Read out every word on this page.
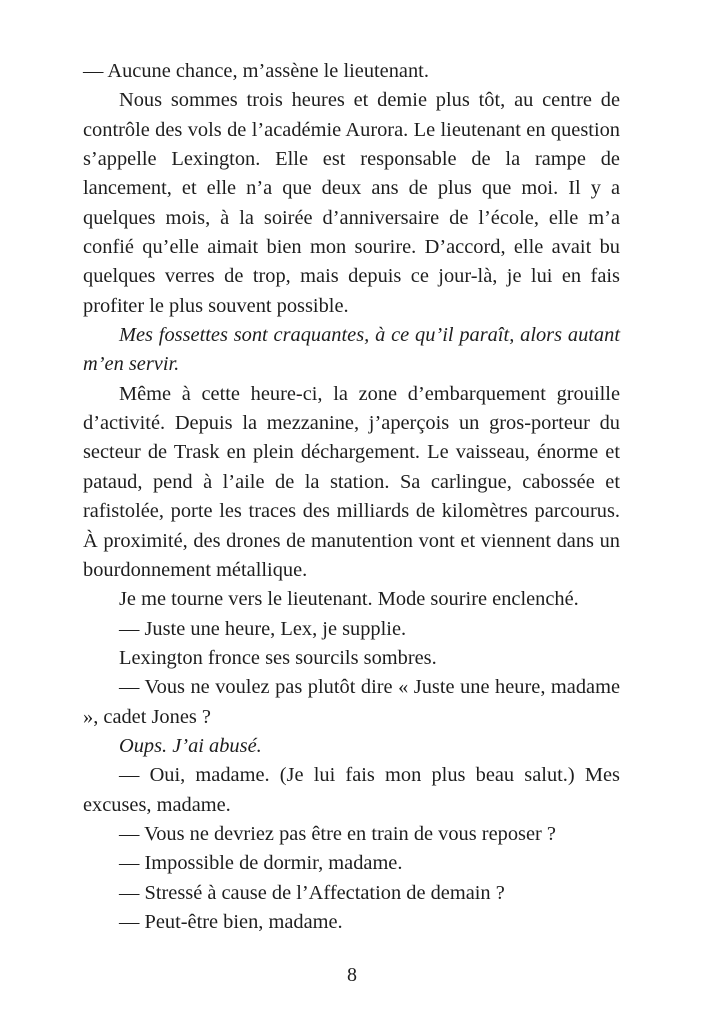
— Aucune chance, m’assène le lieutenant.

Nous sommes trois heures et demie plus tôt, au centre de contrôle des vols de l’académie Aurora. Le lieutenant en question s’appelle Lexington. Elle est responsable de la rampe de lancement, et elle n’a que deux ans de plus que moi. Il y a quelques mois, à la soirée d’anniversaire de l’école, elle m’a confié qu’elle aimait bien mon sourire. D’accord, elle avait bu quelques verres de trop, mais depuis ce jour-là, je lui en fais profiter le plus souvent possible.

Mes fossettes sont craquantes, à ce qu’il paraît, alors autant m’en servir.

Même à cette heure-ci, la zone d’embarquement grouille d’activité. Depuis la mezzanine, j’aperçois un gros-porteur du secteur de Trask en plein déchargement. Le vaisseau, énorme et pataud, pend à l’aile de la station. Sa carlingue, cabossée et rafistolée, porte les traces des milliards de kilomètres parcourus. À proximité, des drones de manutention vont et viennent dans un bourdonnement métallique.

Je me tourne vers le lieutenant. Mode sourire enclenché.

— Juste une heure, Lex, je supplie.

Lexington fronce ses sourcils sombres.

— Vous ne voulez pas plutôt dire « Juste une heure, madame », cadet Jones ?

Oups. J’ai abusé.

— Oui, madame. (Je lui fais mon plus beau salut.) Mes excuses, madame.

— Vous ne devriez pas être en train de vous reposer ?

— Impossible de dormir, madame.

— Stressé à cause de l’Affectation de demain ?

— Peut-être bien, madame.

8
